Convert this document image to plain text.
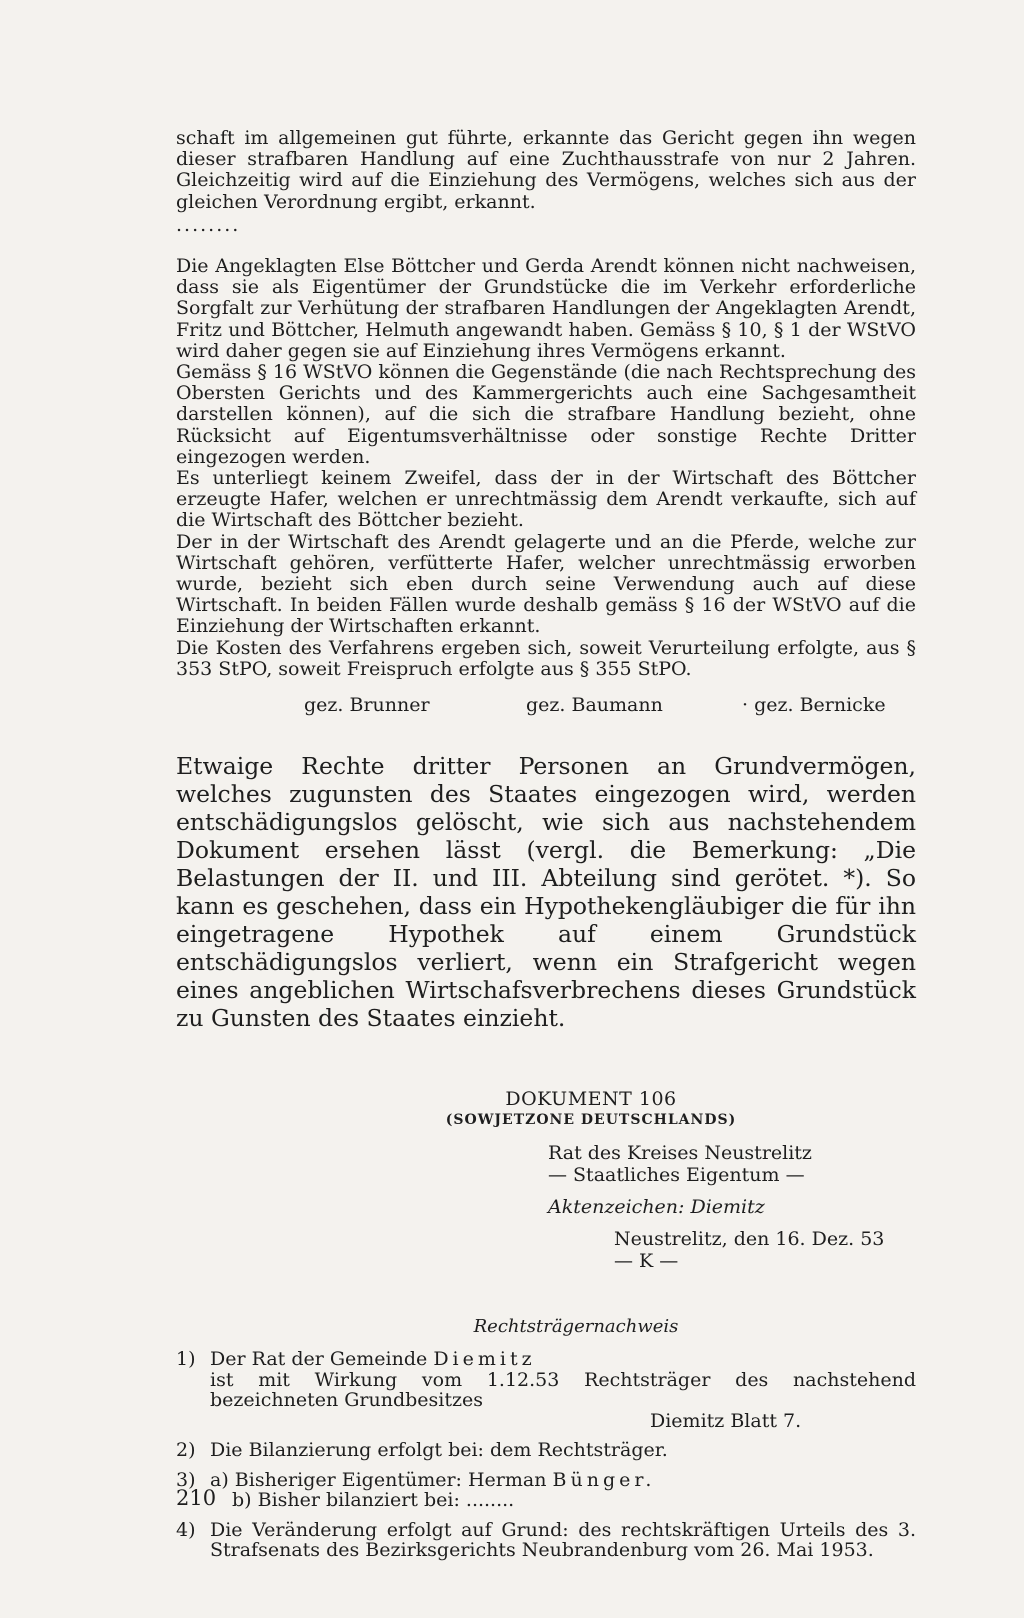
schaft im allgemeinen gut führte, erkannte das Gericht gegen ihn wegen dieser strafbaren Handlung auf eine Zuchthausstrafe von nur 2 Jahren. Gleichzeitig wird auf die Einziehung des Vermögens, welches sich aus der gleichen Verordnung ergibt, erkannt.

........

Die Angeklagten Else Böttcher und Gerda Arendt können nicht nachweisen, dass sie als Eigentümer der Grundstücke die im Verkehr erforderliche Sorgfalt zur Verhütung der strafbaren Handlungen der Angeklagten Arendt, Fritz und Böttcher, Helmuth angewandt haben. Gemäss § 10, § 1 der WStVO wird daher gegen sie auf Einziehung ihres Vermögens erkannt.

Gemäss § 16 WStVO können die Gegenstände (die nach Rechtsprechung des Obersten Gerichts und des Kammergerichts auch eine Sachgesamtheit darstellen können), auf die sich die strafbare Handlung bezieht, ohne Rücksicht auf Eigentumsverhältnisse oder sonstige Rechte Dritter eingezogen werden.

Es unterliegt keinem Zweifel, dass der in der Wirtschaft des Böttcher erzeugte Hafer, welchen er unrechtmässig dem Arendt verkaufte, sich auf die Wirtschaft des Böttcher bezieht.

Der in der Wirtschaft des Arendt gelagerte und an die Pferde, welche zur Wirtschaft gehören, verfütterte Hafer, welcher unrechtmässig erworben wurde, bezieht sich eben durch seine Verwendung auch auf diese Wirtschaft. In beiden Fällen wurde deshalb gemäss § 16 der WStVO auf die Einziehung der Wirtschaften erkannt.

Die Kosten des Verfahrens ergeben sich, soweit Verurteilung erfolgte, aus § 353 StPO, soweit Freispruch erfolgte aus § 355 StPO.

gez. Brunner	gez. Baumann	· gez. Bernicke

Etwaige Rechte dritter Personen an Grundvermögen, welches zugunsten des Staates eingezogen wird, werden entschädigungslos gelöscht, wie sich aus nachstehendem Dokument ersehen lässt (vergl. die Bemerkung: „Die Belastungen der II. und III. Abteilung sind gerötet. *). So kann es geschehen, dass ein Hypothekengläubiger die für ihn eingetragene Hypothek auf einem Grundstück entschädigungslos verliert, wenn ein Strafgericht wegen eines angeblichen Wirtschafsverbrechens dieses Grundstück zu Gunsten des Staates einzieht.

DOKUMENT 106
(SOWJETZONE DEUTSCHLANDS)
Rat des Kreises Neustrelitz
— Staatliches Eigentum —
Aktenzeichen: Diemitz
Neustrelitz, den 16. Dez. 53
— K —
Rechtsträgernachweis
1) Der Rat der Gemeinde Diemitz
ist mit Wirkung vom 1.12.53 Rechtsträger des nachstehend bezeichneten Grundbesitzes
Diemitz Blatt 7.
2) Die Bilanzierung erfolgt bei: dem Rechtsträger.
3) a) Bisheriger Eigentümer: Herman Bünger.
b) Bisher bilanziert bei: ........
4) Die Veränderung erfolgt auf Grund: des rechtskräftigen Urteils des 3. Strafsenats des Bezirksgerichts Neubrandenburg vom 26. Mai 1953.
210
